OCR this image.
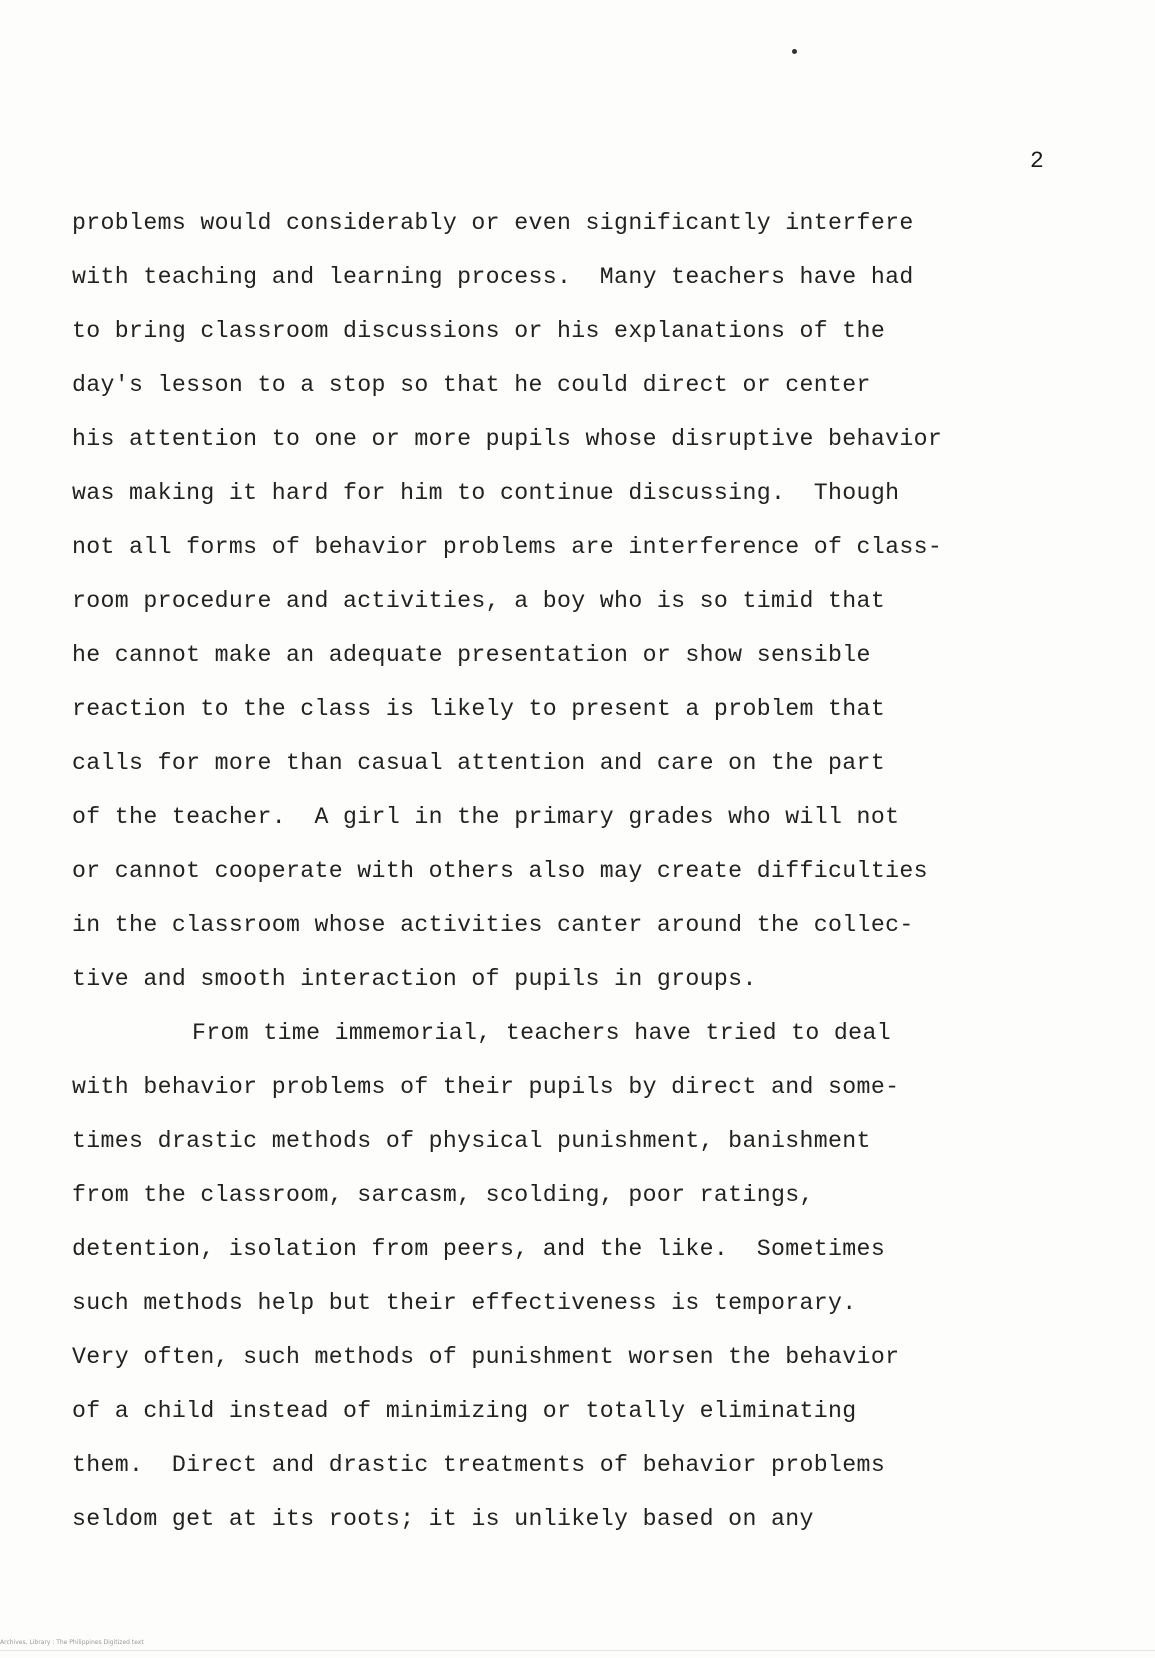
2
problems would considerably or even significantly interfere
with teaching and learning process.  Many teachers have had
to bring classroom discussions or his explanations of the
day's lesson to a stop so that he could direct or center
his attention to one or more pupils whose disruptive behavior
was making it hard for him to continue discussing.  Though
not all forms of behavior problems are interference of class-
room procedure and activities, a boy who is so timid that
he cannot make an adequate presentation or show sensible
reaction to the class is likely to present a problem that
calls for more than casual attention and care on the part
of the teacher.  A girl in the primary grades who will not
or cannot cooperate with others also may create difficulties
in the classroom whose activities canter around the collec-
tive and smooth interaction of pupils in groups.
From time immemorial, teachers have tried to deal
with behavior problems of their pupils by direct and some-
times drastic methods of physical punishment, banishment
from the classroom, sarcasm, scolding, poor ratings,
detention, isolation from peers, and the like.  Sometimes
such methods help but their effectiveness is temporary.
Very often, such methods of punishment worsen the behavior
of a child instead of minimizing or totally eliminating
them.  Direct and drastic treatments of behavior problems
seldom get at its roots; it is unlikely based on any
Archives, Library : The Philippines Digitized text
